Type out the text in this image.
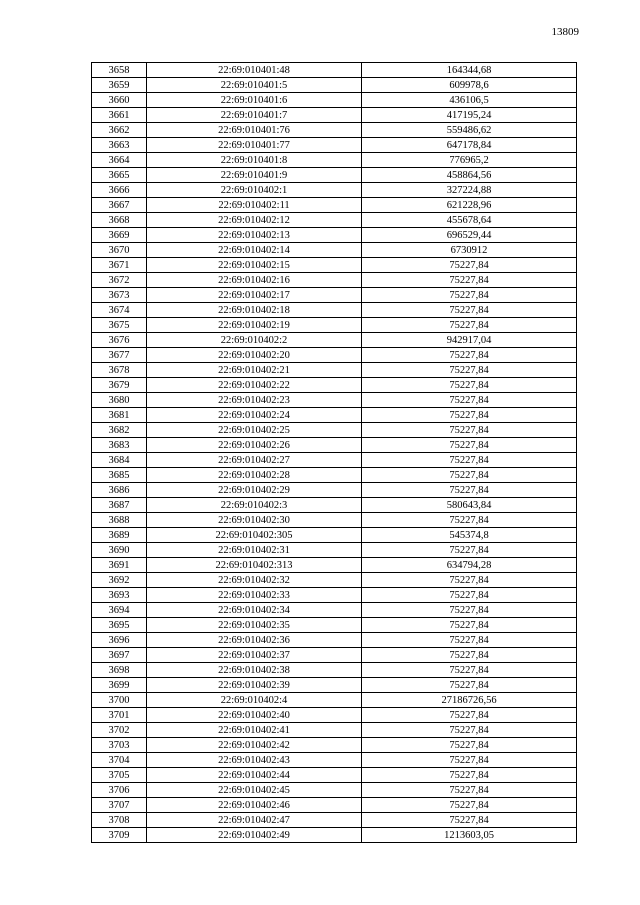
13809
3658	22:69:010401:48	164344,68
3659	22:69:010401:5	609978,6
3660	22:69:010401:6	436106,5
3661	22:69:010401:7	417195,24
3662	22:69:010401:76	559486,62
3663	22:69:010401:77	647178,84
3664	22:69:010401:8	776965,2
3665	22:69:010401:9	458864,56
3666	22:69:010402:1	327224,88
3667	22:69:010402:11	621228,96
3668	22:69:010402:12	455678,64
3669	22:69:010402:13	696529,44
3670	22:69:010402:14	6730912
3671	22:69:010402:15	75227,84
3672	22:69:010402:16	75227,84
3673	22:69:010402:17	75227,84
3674	22:69:010402:18	75227,84
3675	22:69:010402:19	75227,84
3676	22:69:010402:2	942917,04
3677	22:69:010402:20	75227,84
3678	22:69:010402:21	75227,84
3679	22:69:010402:22	75227,84
3680	22:69:010402:23	75227,84
3681	22:69:010402:24	75227,84
3682	22:69:010402:25	75227,84
3683	22:69:010402:26	75227,84
3684	22:69:010402:27	75227,84
3685	22:69:010402:28	75227,84
3686	22:69:010402:29	75227,84
3687	22:69:010402:3	580643,84
3688	22:69:010402:30	75227,84
3689	22:69:010402:305	545374,8
3690	22:69:010402:31	75227,84
3691	22:69:010402:313	634794,28
3692	22:69:010402:32	75227,84
3693	22:69:010402:33	75227,84
3694	22:69:010402:34	75227,84
3695	22:69:010402:35	75227,84
3696	22:69:010402:36	75227,84
3697	22:69:010402:37	75227,84
3698	22:69:010402:38	75227,84
3699	22:69:010402:39	75227,84
3700	22:69:010402:4	27186726,56
3701	22:69:010402:40	75227,84
3702	22:69:010402:41	75227,84
3703	22:69:010402:42	75227,84
3704	22:69:010402:43	75227,84
3705	22:69:010402:44	75227,84
3706	22:69:010402:45	75227,84
3707	22:69:010402:46	75227,84
3708	22:69:010402:47	75227,84
3709	22:69:010402:49	1213603,05
